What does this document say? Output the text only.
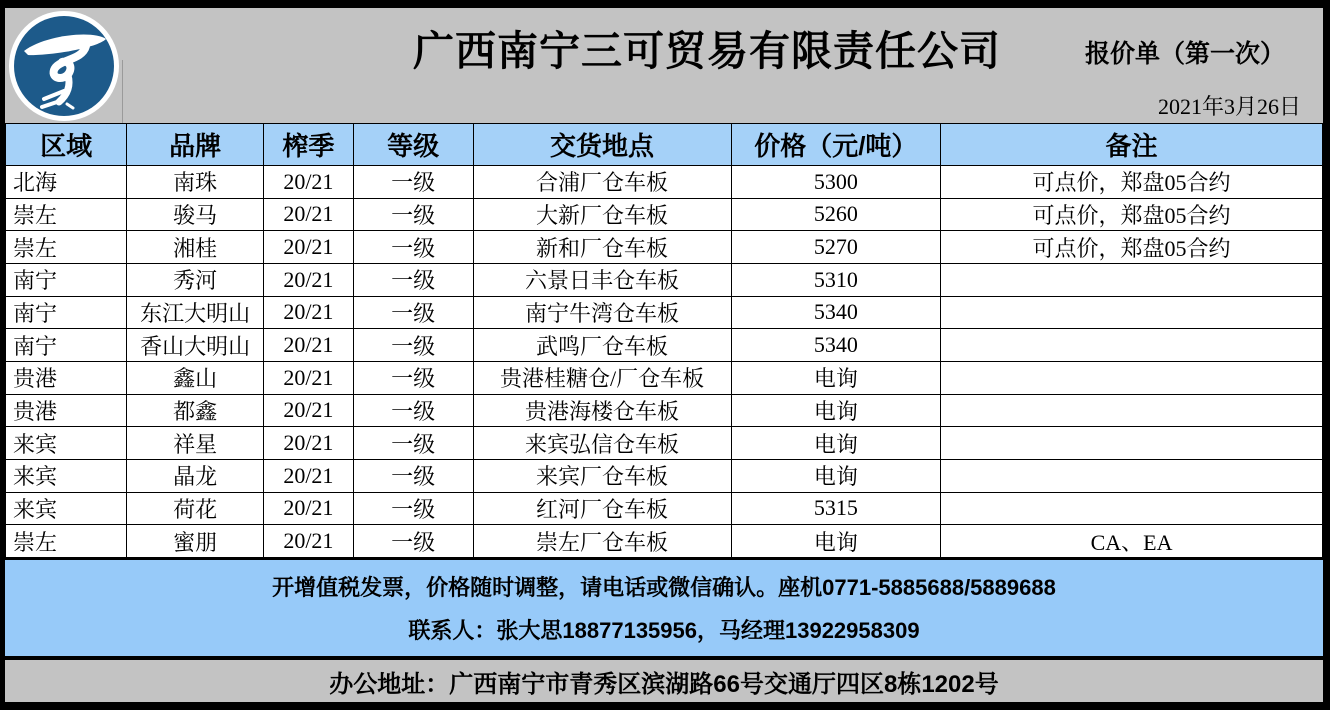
广西南宁三可贸易有限责任公司	报价单（第一次）
2021年3月26日
区域	品牌	榨季	等级	交货地点	价格（元/吨）	备注
北海	南珠	20/21	一级	合浦厂仓车板	5300	可点价，郑盘05合约
崇左	骏马	20/21	一级	大新厂仓车板	5260	可点价，郑盘05合约
崇左	湘桂	20/21	一级	新和厂仓车板	5270	可点价，郑盘05合约
南宁	秀河	20/21	一级	六景日丰仓车板	5310	
南宁	东江大明山	20/21	一级	南宁牛湾仓车板	5340	
南宁	香山大明山	20/21	一级	武鸣厂仓车板	5340	
贵港	鑫山	20/21	一级	贵港桂糖仓/厂仓车板	电询	
贵港	都鑫	20/21	一级	贵港海楼仓车板	电询	
来宾	祥星	20/21	一级	来宾弘信仓车板	电询	
来宾	晶龙	20/21	一级	来宾厂仓车板	电询	
来宾	荷花	20/21	一级	红河厂仓车板	5315	
崇左	蜜朋	20/21	一级	崇左厂仓车板	电询	CA、EA
开增值税发票，价格随时调整，请电话或微信确认。座机0771-5885688/5889688
联系人：张大思18877135956，马经理13922958309
办公地址：广西南宁市青秀区滨湖路66号交通厅四区8栋1202号
